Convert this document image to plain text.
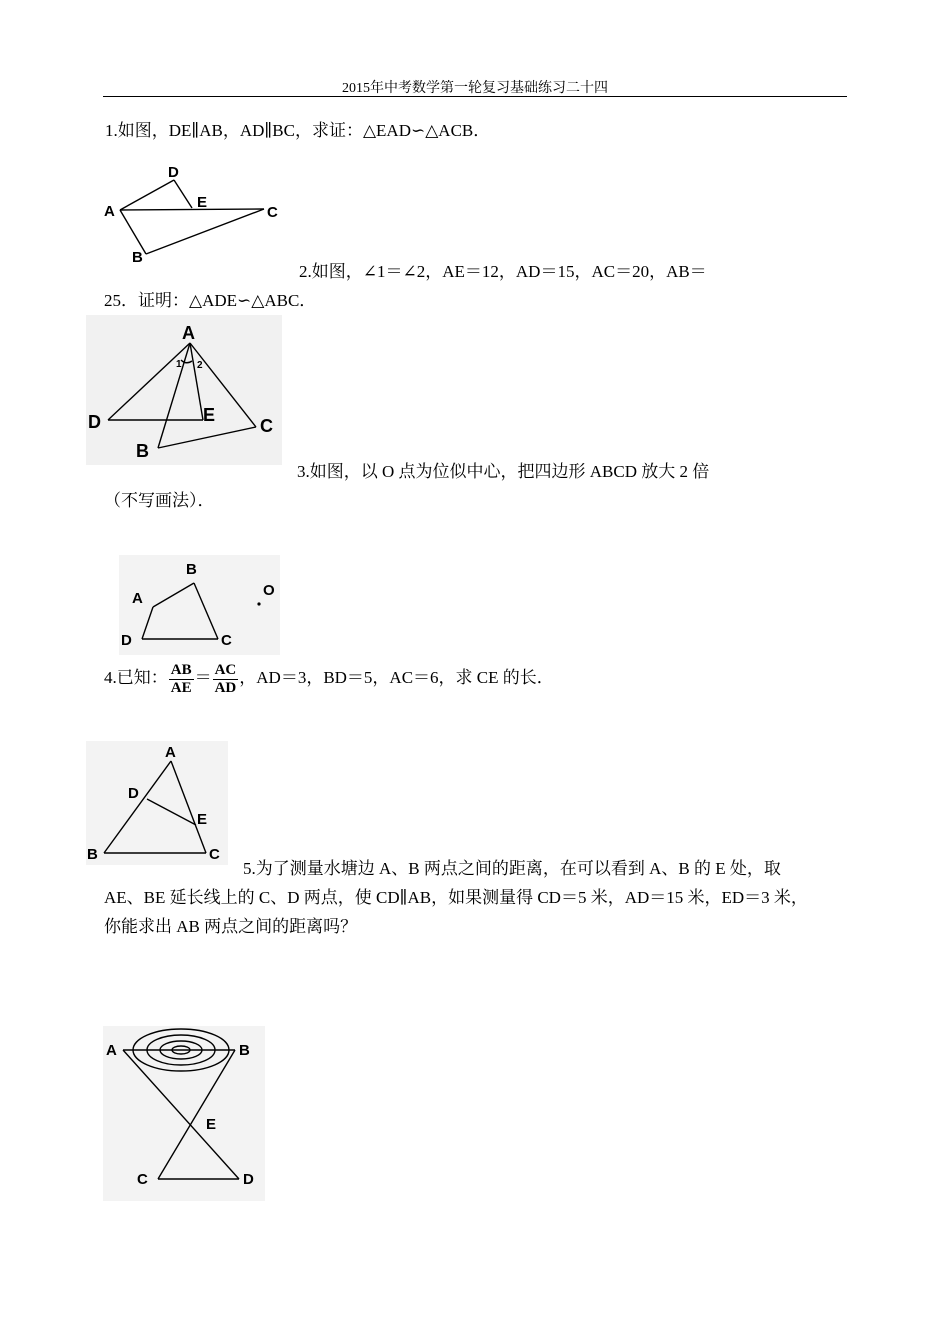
2015年中考数学第一轮复习基础练习二十四
1.如图，DE∥AB，AD∥BC，求证：△EAD∽△ACB．
A
D
E
C
B
2.如图，∠1＝∠2，AE＝12，AD＝15，AC＝20，AB＝
25．证明：△ADE∽△ABC．
A
1 2
D	E
C
B
3.如图，以 O 点为位似中心，把四边形 ABCD 放大 2 倍
（不写画法）．
B
A
D	C
O
4.已知： $\frac{AB}{AE} = \frac{AC}{AD}$ ，AD＝3，BD＝5，AC＝6，求 CE 的长．
A
D
E
B	C
5.为了测量水塘边 A、B 两点之间的距离，在可以看到 A、B 的 E 处，取
AE、BE 延长线上的 C、D 两点，使 CD∥AB，如果测量得 CD＝5 米，AD＝15 米，ED＝3 米，
你能求出 AB 两点之间的距离吗？
A	B
E
C	D
